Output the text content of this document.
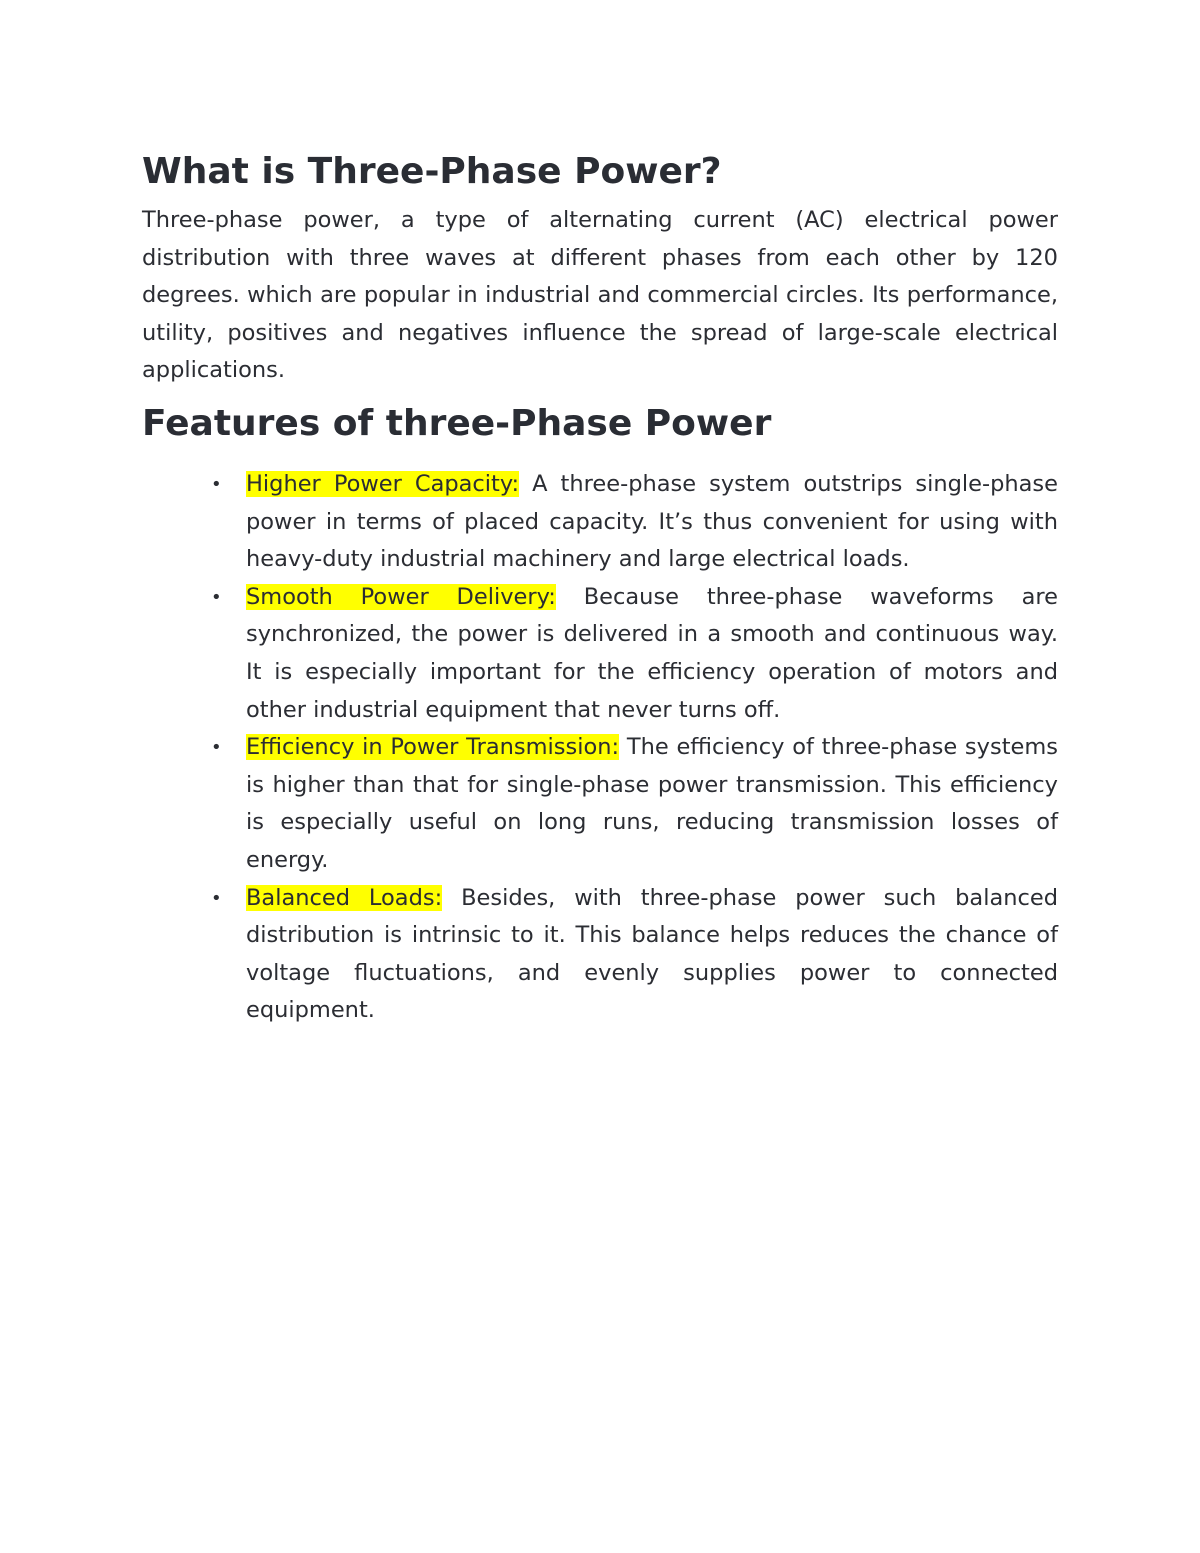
What is Three-Phase Power?

Three-phase power, a type of alternating current (AC) electrical power distribution with three waves at different phases from each other by 120 degrees. which are popular in industrial and commercial circles. Its performance, utility, positives and negatives influence the spread of large-scale electrical applications.

Features of three-Phase Power
• Higher Power Capacity: A three-phase system outstrips single-phase power in terms of placed capacity. It’s thus convenient for using with heavy-duty industrial machinery and large electrical loads.
• Smooth Power Delivery: Because three-phase waveforms are synchronized, the power is delivered in a smooth and continuous way. It is especially important for the efficiency operation of motors and other industrial equipment that never turns off.
• Efficiency in Power Transmission: The efficiency of three-phase systems is higher than that for single-phase power transmission. This efficiency is especially useful on long runs, reducing transmission losses of energy.
• Balanced Loads: Besides, with three-phase power such balanced distribution is intrinsic to it. This balance helps reduces the chance of voltage fluctuations, and evenly supplies power to connected equipment.
